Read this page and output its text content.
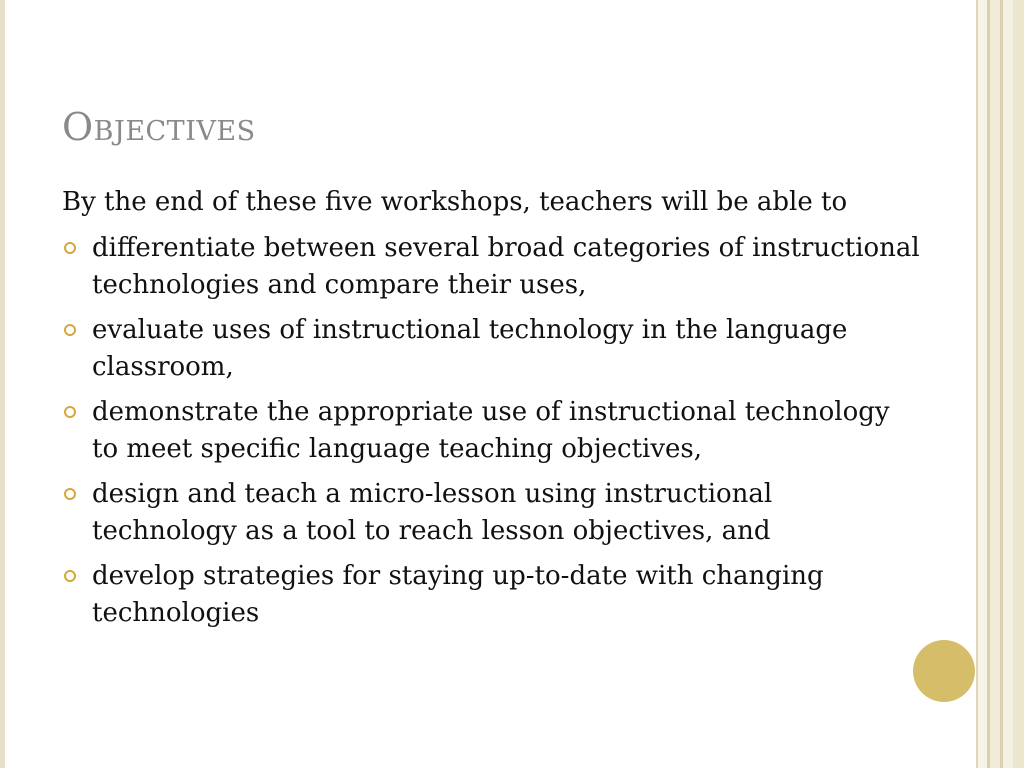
Objectives

By the end of these five workshops, teachers will be able to

differentiate between several broad categories of instructional technologies and compare their uses,
evaluate uses of instructional technology in the language classroom,
demonstrate the appropriate use of instructional technology to meet specific language teaching objectives,
design and teach a micro-lesson using instructional technology as a tool to reach lesson objectives, and
develop strategies for staying up-to-date with changing technologies
